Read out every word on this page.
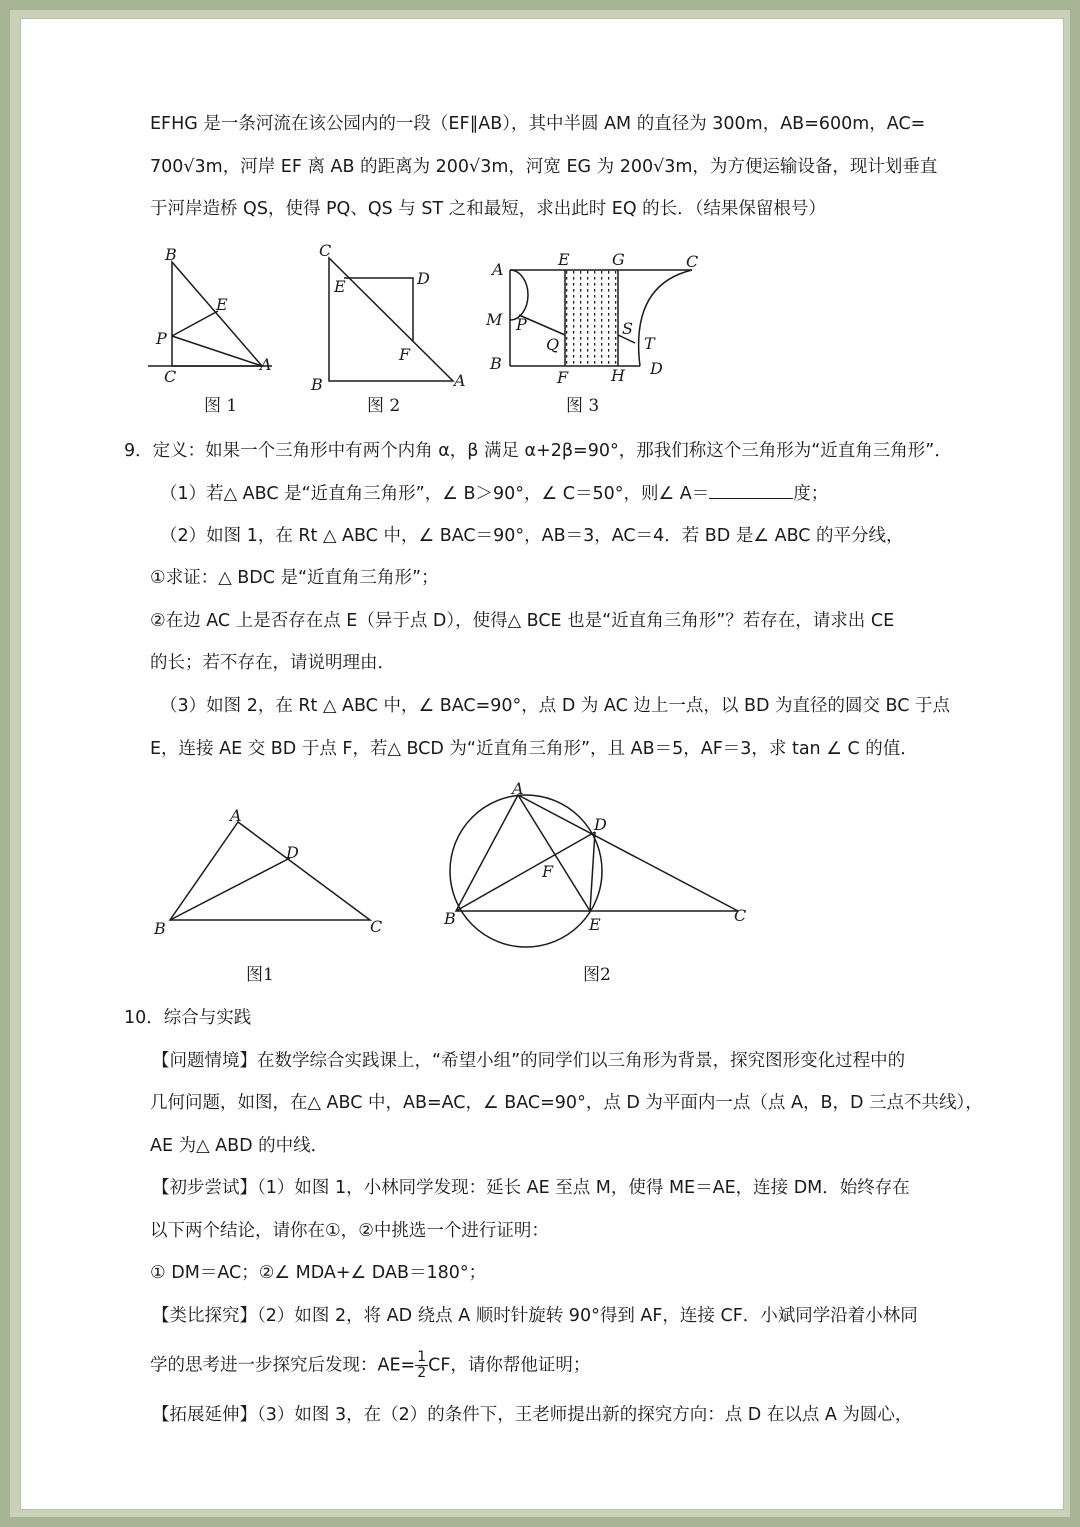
EFHG 是一条河流在该公园内的一段（EF∥AB），其中半圆 AM 的直径为 300m，AB=600m，AC=

700√3m，河岸 EF 离 AB 的距离为 200√3m，河宽 EG 为 200√3m，为方便运输设备，现计划垂直

于河岸造桥 QS，使得 PQ、QS 与 ST 之和最短，求出此时 EQ 的长．（结果保留根号）

B
E
P
C
A
图 1
C
E	D
F
B	A
图 2
A
E	G	C
M P	S
Q	T
B
F	H D
图 3

9．定义：如果一个三角形中有两个内角 α，β 满足 α+2β=90°，那我们称这个三角形为“近直角三角形”．

（1）若△ ABC 是“近直角三角形”，∠ B＞90°，∠ C＝50°，则∠ A＝	度；

（2）如图 1，在 Rt △ ABC 中，∠ BAC＝90°，AB＝3，AC＝4．若 BD 是∠ ABC 的平分线，

①求证：△ BDC 是“近直角三角形”；

②在边 AC 上是否存在点 E（异于点 D），使得△ BCE 也是“近直角三角形”？若存在，请求出 CE

的长；若不存在，请说明理由．

（3）如图 2，在 Rt △ ABC 中，∠ BAC=90°，点 D 为 AC 边上一点，以 BD 为直径的圆交 BC 于点

E，连接 AE 交 BD 于点 F，若△ BCD 为“近直角三角形”，且 AB＝5，AF＝3，求 tan ∠ C 的值．

A
D
B	C
图1
A
D
F
B	E	C
图2

10．综合与实践

【问题情境】在数学综合实践课上，“希望小组”的同学们以三角形为背景，探究图形变化过程中的

几何问题，如图，在△ ABC 中，AB=AC，∠ BAC=90°，点 D 为平面内一点（点 A，B，D 三点不共线），

AE 为△ ABD 的中线．

【初步尝试】（1）如图 1，小林同学发现：延长 AE 至点 M，使得 ME＝AE，连接 DM．始终存在

以下两个结论，请你在①，②中挑选一个进行证明：

① DM＝AC；②∠ MDA+∠ DAB＝180°；

【类比探究】（2）如图 2，将 AD 绕点 A 顺时针旋转 90°得到 AF，连接 CF．小斌同学沿着小林同

学的思考进一步探究后发现：$AE= \frac{1}{2}$ CF，请你帮他证明；

【拓展延伸】（3）如图 3，在（2）的条件下，王老师提出新的探究方向：点 D 在以点 A 为圆心，
